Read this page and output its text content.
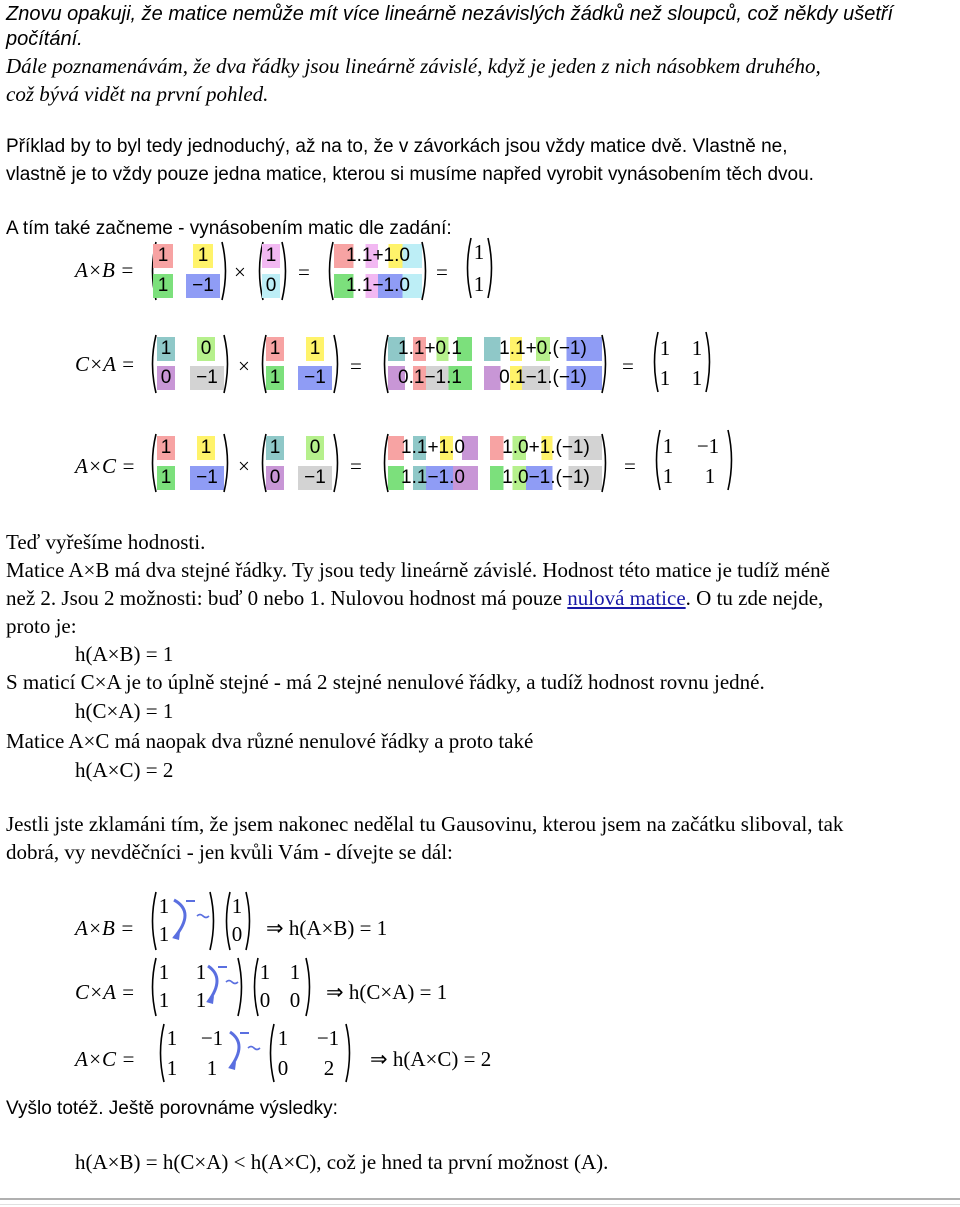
Znovu opakuji, že matice nemůže mít více lineárně nezávislých žádků než sloupců, což někdy ušetří
počítání.
Dále poznamenávám, že dva řádky jsou lineárně závislé, když je jeden z nich násobkem druhého,
což bývá vidět na první pohled.
Příklad by to byl tedy jednoduchý, až na to, že v závorkách jsou vždy matice dvě. Vlastně ne,
vlastně je to vždy pouze jedna matice, kterou si musíme napřed vyrobit vynásobením těch dvou.
A tím také začneme - vynásobením matic dle zadání:
A×B =
1 1
1	−1
×
1
0
=
1.1+1.0
1.1−1.0
=
1
1
C×A =
1 0
0	−1 ×
1 1
1	−1 =
1.1+0.1	1.1+0.(−1)
0.1−1.1	0.1−1.(−1)	=
1 1
1 1
A×C =
1 1
1	−1 ×
1 0
0	−1 =
1.1+1.0	1.0+1.(−1)
1.1−1.0	1.0−1.(−1)	=
1 −1
1 1
Teď vyřešíme hodnosti.
Matice A×B má dva stejné řádky. Ty jsou tedy lineárně závislé. Hodnost této matice je tudíž méně
než 2. Jsou 2 možnosti: buď 0 nebo 1. Nulovou hodnost má pouze nulová matice. O tu zde nejde,
proto je:
h(A×B) = 1
S maticí C×A je to úplně stejné - má 2 stejné nenulové řádky, a tudíž hodnost rovnu jedné.
h(C×A) = 1
Matice A×C má naopak dva různé nenulové řádky a proto také
h(A×C) = 2
Jestli jste zklamáni tím, že jsem nakonec nedělal tu Gausovinu, kterou jsem na začátku sliboval, tak
dobrá, vy nevděčníci - jen kvůli Vám - dívejte se dál:
A×B =
1
1
1
0 ⇒ h(A×B) = 1
C×A =
1 1
1 1
1 1
0 0 ⇒ h(C×A) = 1
A×C =
1 −1
1 1
1 −1
0 2 ⇒ h(A×C) = 2
Vyšlo totéž. Ještě porovnáme výsledky:
h(A×B) = h(C×A) < h(A×C), což je hned ta první možnost (A).
